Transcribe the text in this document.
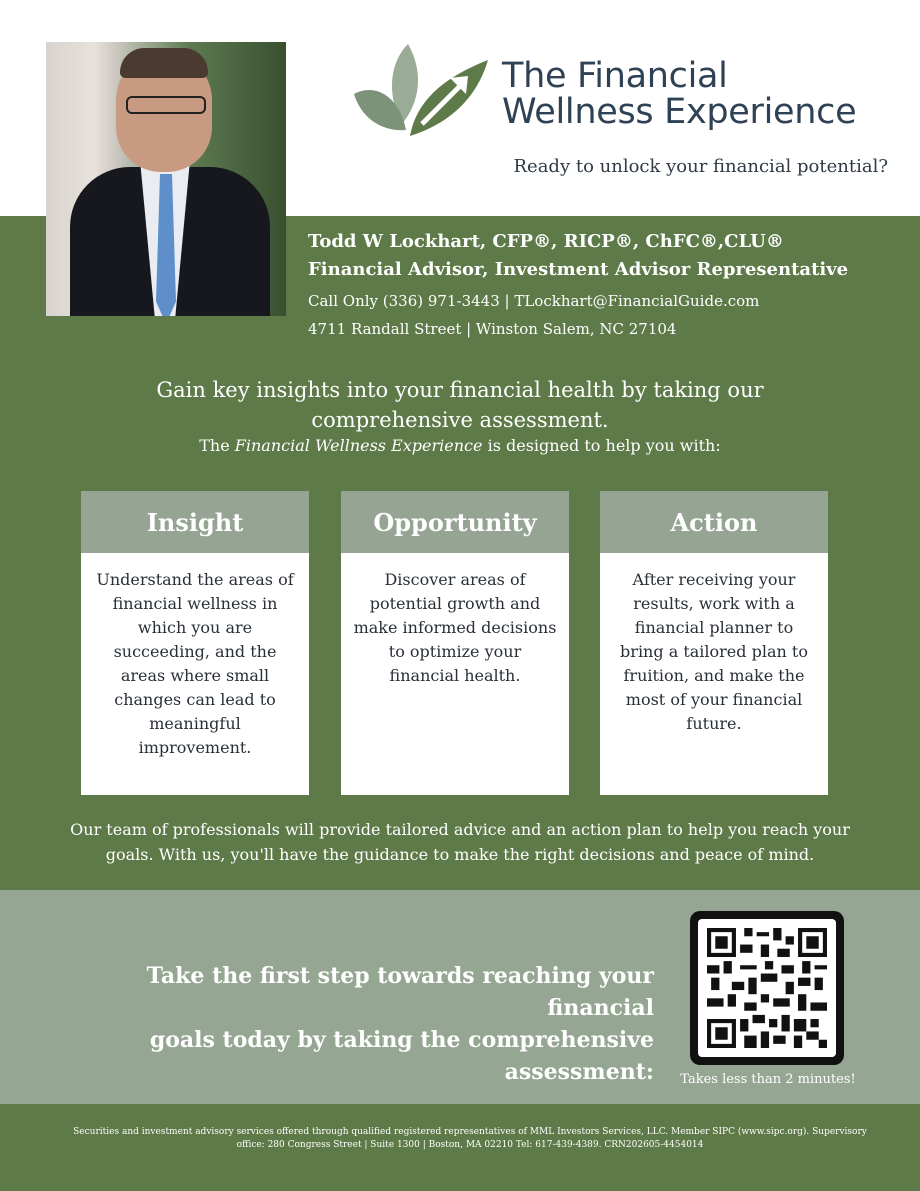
The Financial
Wellness Experience
Ready to unlock your financial potential?
Todd W Lockhart, CFP®, RICP®, ChFC®,CLU®
Financial Advisor, Investment Advisor Representative
Call Only (336) 971-3443 | TLockhart@FinancialGuide.com
4711 Randall Street | Winston Salem, NC 27104
Gain key insights into your financial health by taking our
comprehensive assessment.
The Financial Wellness Experience is designed to help you with:
Insight
Understand the areas of financial wellness in which you are succeeding, and the areas where small changes can lead to meaningful improvement.
Opportunity
Discover areas of potential growth and make informed decisions to optimize your financial health.
Action
After receiving your results, work with a financial planner to bring a tailored plan to fruition, and make the most of your financial future.
Our team of professionals will provide tailored advice and an action plan to help you reach your goals. With us, you'll have the guidance to make the right decisions and peace of mind.
Take the first step towards reaching your financial
goals today by taking the comprehensive assessment:	Takes less than 2 minutes!
Securities and investment advisory services offered through qualified registered representatives of MML Investors Services, LLC. Member SIPC (www.sipc.org). Supervisory
office: 280 Congress Street | Suite 1300 | Boston, MA 02210 Tel: 617-439-4389. CRN202605-4454014
